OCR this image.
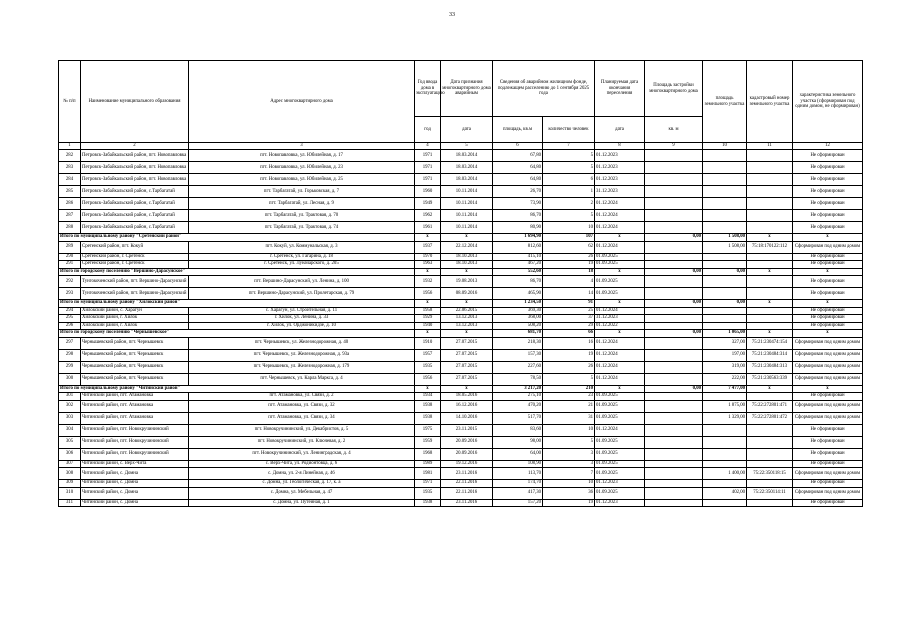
33
№ п/п	Наименование муниципального образования	Адрес многоквартирного дома	Год ввода дома в эксплуатацию	Дата признания многоквартирного дома аварийным	Сведения об аварийном жилищном фонде, подлежащем расселению до 1 сентября 2025 года		Планируемая дата окончания переселения	Площадь застройки многоквартирного дома	площадь земельного участка	кадастровый номер земельного участка	характеристика земельного участка (сформирован под одним домом, не сформирован)
			год	дата	площадь, кв.м	количество человек	дата	кв. м			
1	2	3	4	5	6	7	8	9	10	11	12
282	Петровск-Забайкальский район, пгт. Новопавловка	пгт. Новопавловка, ул. Юбилейная, д. 17	1971	18.03.2014	67,80	5	01.12.2023				Не сформирован
283	Петровск-Забайкальский район, пгт. Новопавловка	пгт. Новопавловка, ул. Юбилейная, д. 23	1971	18.03.2014	64,80	5	01.12.2023				Не сформирован
284	Петровск-Забайкальский район, пгт. Новопавловка	пгт. Новопавловка, ул. Юбилейная, д. 25	1971	18.03.2014	64,80	6	01.12.2023				Не сформирован
285	Петровск-Забайкальский район, с.Тарбагатай	пгт. Тарбагатай, ул. Горьковская, д. 7	1960	10.11.2014	26,70	1	31.12.2023				Не сформирован
286	Петровск-Забайкальский район, с.Тарбагатай	пгт. Тарбагатай, ул. Лесная, д. 9	1949	10.11.2014	73,90	2	01.12.2024				Не сформирован
287	Петровск-Забайкальский район, с.Тарбагатай	пгт. Тарбагатай, ул. Трактовая, д. 70	1962	10.11.2014	86,70	5	01.12.2024				Не сформирован
288	Петровск-Забайкальский район, с.Тарбагатай	пгт. Тарбагатай, ул. Трактовая, д. 74	1961	10.11.2014	80,90	10	01.12.2024				Не сформирован
Итого по муниципальному району "Сретенский район"			x	x	1 694,90	107	x	0,00	1 508,00	x	x
289	Сретенский район, пгт. Кокуй	пгт. Кокуй, ул. Коммунальская, д. 3	1937	22.12.2014	812,60	62	01.12.2024		1 508,00	75:18:170122:112	Сформирован под одним домом
290	Сретенский район, г. Сретенск	г. Сретенск, ул. Гагарина, д. 18	1970	18.10.2013	415,10	26	01.09.2025				Не сформирован
291	Сретенский район, г. Сретенск	г. Сретенск, ул. Луначарского, д. 205	1963	18.10.2013	467,20	19	01.09.2025				Не сформирован
Итого по городскому поселению "Вершино-Дарасунское"			x	x	552,60	18	x	0,00	0,00	x	x
292	Тунгокоченский район, пгт. Вершино-Дарасунский	пгт. Вершино-Дарасунский, ул. Ленина, д. 100	1932	19.08.2013	86,70	4	01.09.2025				Не сформирован
293	Тунгокоченский район, пгт. Вершино-Дарасунский	пгт. Вершино-Дарасунский, ул. Пролетарская, д. 79	1956	08.09.2016	465,90	14	01.09.2025				Не сформирован
Итого по муниципальному району "Хилокский район"			x	x	1 234,50	91	x	0,00	0,00	x	x
294	Хилокский район, с. Харагун	с. Харагун, ул. Строительная, д. 11	1958	22.06.2015	369,30	25	01.12.2024				Не сформирован
295	Хилокский район, г. Хилок	г. Хилок, ул. Ленина, д. 33	1929	13.12.2013	368,00	37	31.12.2023				Не сформирован
296	Хилокский район, г. Хилок	г. Хилок, ул. Орджоникидзе, д. 10	1940	13.12.2013	508,20	29	01.12.2022				Не сформирован
Итого по городскому поселению "Чернышевское"			x	x	681,70	66	x	0,00	1 065,00	x	x
297	Чернышевский район, пгт. Чернышевск	пгт. Чернышевск, ул. Железнодорожная, д. 40	1910	27.07.2015	218,30	16	01.12.2024		327,00	75:21:230474:154	Сформирован под одним домом
298	Чернышевский район, пгт. Чернышевск	пгт. Чернышевск, ул. Железнодорожная, д. 93а	1957	27.07.2015	157,30	19	01.12.2024		197,00	75:21:230484:314	Сформирован под одним домом
299	Чернышевский район, пгт. Чернышевск	пгт. Чернышевск, ул. Железнодорожная, д. 179	1935	27.07.2015	227,60	26	01.12.2024		319,00	75:21:230484:313	Сформирован под одним домом
300	Чернышевский район, пгт. Чернышевск	пгт. Чернышевск, ул. Карла Маркса, д. 4	1956	27.07.2015	78,50	5	01.12.2024		222,00	75:21:230563:339	Сформирован под одним домом
Итого по муниципальному району "Читинский район"			x	x	3 217,20	210	x	0,00	7 477,00	x	x
301	Читинский район, пгт. Атамановка	пгт. Атамановка, ул. Связи, д. 2	1934	18.05.2016	275,10	23	01.09.2025				Не сформирован
302	Читинский район, пгт. Атамановка	пгт. Атамановка, ул. Связи, д. 32	1938	16.12.2016	470,20	21	01.09.2025		1 875,00	75:22:272801:471	Сформирован под одним домом
303	Читинский район, пгт. Атамановка	пгт. Атамановка, ул. Связи, д. 34	1938	14.10.2016	517,70	31	01.09.2025		1 329,00	75:22:272801:472	Сформирован под одним домом
304	Читинский район, пгт. Новокручининский	пгт. Новокручининский, ул. Декабристов, д. 5	1975	23.11.2015	83,60	10	01.12.2024				Не сформирован
305	Читинский район, пгт. Новокручининский	пгт. Новокручининский, ул. Ключевая, д. 2	1959	20.09.2016	98,00	5	01.09.2025				Не сформирован
306	Читинский район, пгт. Новокручининский	пгт. Новокручининский, ул. Ленинградская, д. 4	1968	20.09.2016	64,00	3	01.09.2025				Не сформирован
307	Читинский район, с. Верх-Чита	с. Верх-Чита, ул. Родионтовца, д. 6	1989	19.12.2016	108,90	3	01.09.2025				Не сформирован
308	Читинский район, с. Домна	с. Домна, ул. 2-я Линейная, д. 46	1981	23.11.2016	113,70	7	01.09.2025		1 400,00	75:22:350118:15	Сформирован под одним домом
309	Читинский район, с. Домна	с. Домна, ул. Геологическая, д. 17, к. а	1971	22.11.2016	174,70	10	01.12.2023				Не сформирован
310	Читинский район, с. Домна	с. Домна, ул. Мебельная, д. 47	1935	22.11.2016	417,30	36	01.09.2025		402,00	75:22:350114:11	Сформирован под одним домом
311	Читинский район, с. Домна	с. Домна, ул. Путейная, д. 1	1938	23.11.2016	157,20	19	01.12.2023				Не сформирован
